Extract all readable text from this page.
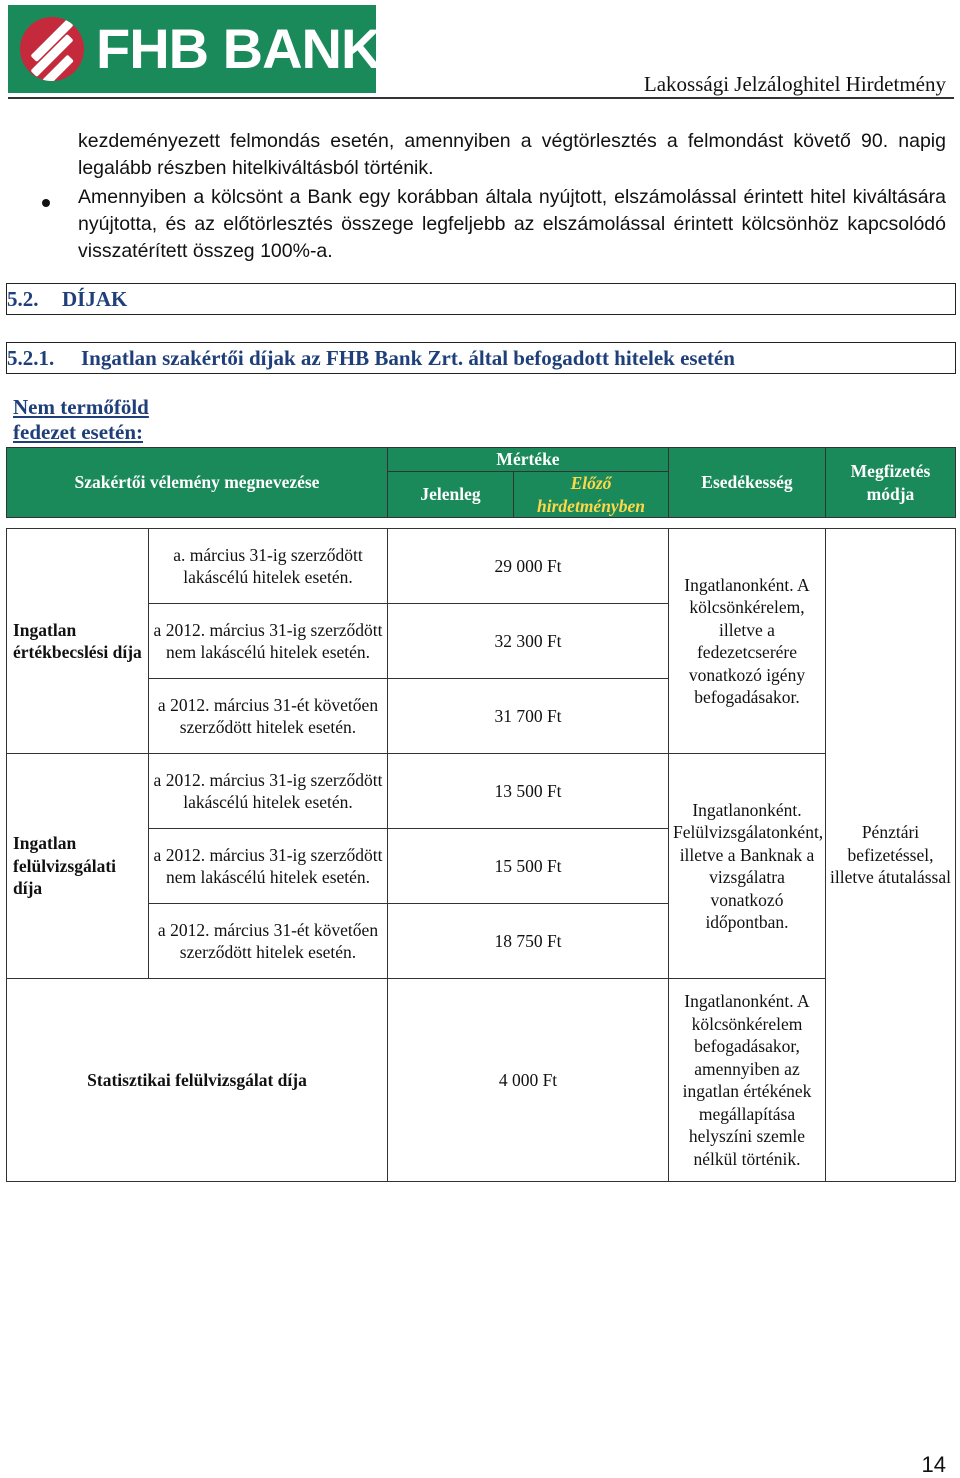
FHB BANK
Lakossági Jelzáloghitel Hirdetmény
kezdeményezett felmondás esetén, amennyiben a végtörlesztés a felmondást követő 90. napig legalább részben hitelkiváltásból történik.
Amennyiben a kölcsönt a Bank egy korábban általa nyújtott, elszámolással érintett hitel kiváltására nyújtotta, és az előtörlesztés összege legfeljebb az elszámolással érintett kölcsönhöz kapcsolódó visszatérített összeg 100%-a.
5.2. DÍJAK
5.2.1. Ingatlan szakértői díjak az FHB Bank Zrt. által befogadott hitelek esetén
Nem termőföld
fedezet esetén:
Szakértői vélemény megnevezése		Mértéke		Esedékesség	Megfizetés módja
		Jelenleg	Előző hirdetményben		

Ingatlan értékbecslési díja	a. március 31-ig szerződött lakáscélú hitelek esetén.	29 000 Ft		Ingatlanonként. A kölcsönkérelem, illetve a fedezetcserére vonatkozó igény befogadásakor.	Pénztári befizetéssel, illetve átutalással
	a 2012. március 31-ig szerződött nem lakáscélú hitelek esetén.	32 300 Ft			
	a 2012. március 31-ét követően szerződött hitelek esetén.	31 700 Ft			
Ingatlan felülvizsgálati díja	a 2012. március 31-ig szerződött lakáscélú hitelek esetén.	13 500 Ft		Ingatlanonként. Felülvizsgálatonként, illetve a Banknak a vizsgálatra vonatkozó időpontban.	
	a 2012. március 31-ig szerződött nem lakáscélú hitelek esetén.	15 500 Ft			
	a 2012. március 31-ét követően szerződött hitelek esetén.	18 750 Ft			
Statisztikai felülvizsgálat díja		4 000 Ft		Ingatlanonként. A kölcsönkérelem befogadásakor, amennyiben az ingatlan értékének megállapítása helyszíni szemle nélkül történik.	
14
